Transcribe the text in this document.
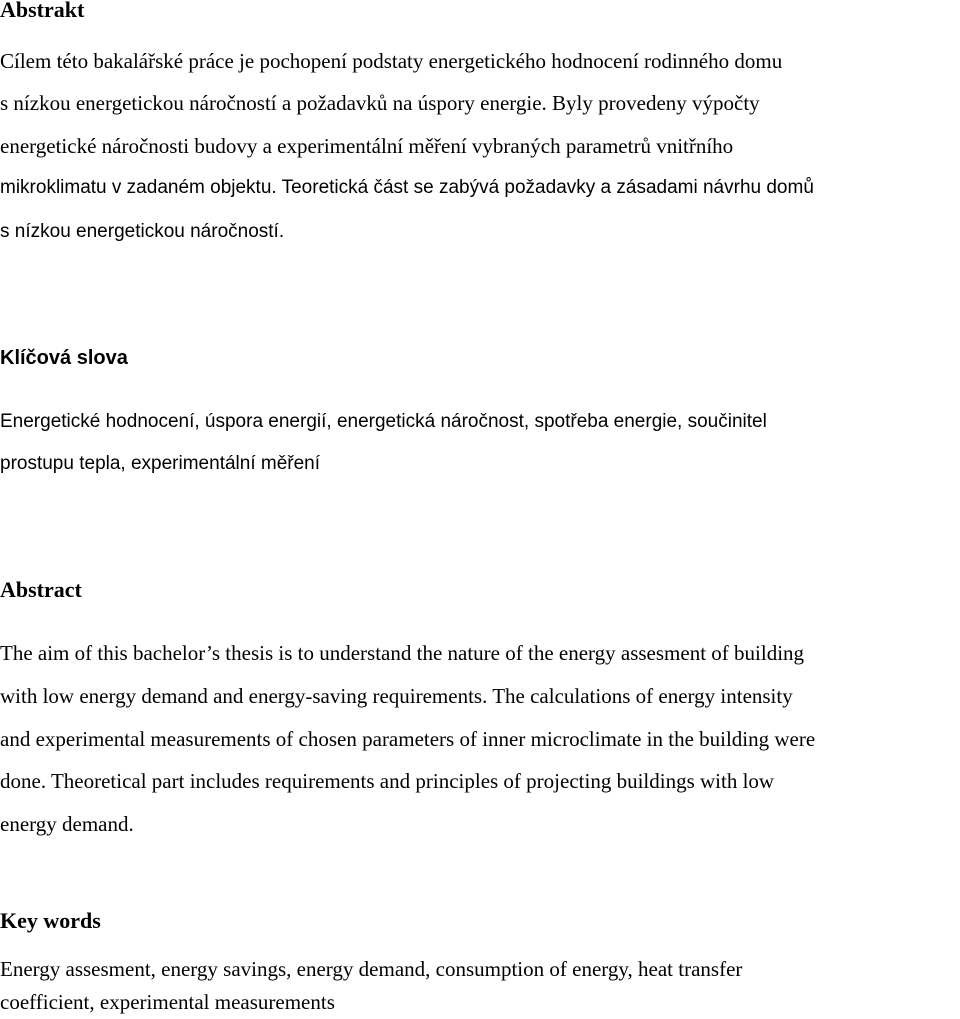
Abstrakt

Cílem této bakalářské práce je pochopení podstaty energetického hodnocení rodinného domu

s nízkou energetickou náročností a požadavků na úspory energie. Byly provedeny výpočty

energetické náročnosti budovy a experimentální měření vybraných parametrů vnitřního

mikroklimatu v zadaném objektu. Teoretická část se zabývá požadavky a zásadami návrhu domů

s nízkou energetickou náročností.

Klíčová slova

Energetické hodnocení, úspora energií, energetická náročnost, spotřeba energie, součinitel

prostupu tepla, experimentální měření

Abstract

The aim of this bachelor’s thesis is to understand the nature of the energy assesment of building

with low energy demand and energy-saving requirements. The calculations of energy intensity

and experimental measurements of chosen parameters of inner microclimate in the building were

done. Theoretical part includes requirements and principles of projecting buildings with low

energy demand.

Key words

Energy assesment, energy savings, energy demand, consumption of energy, heat transfer

coefficient, experimental measurements
